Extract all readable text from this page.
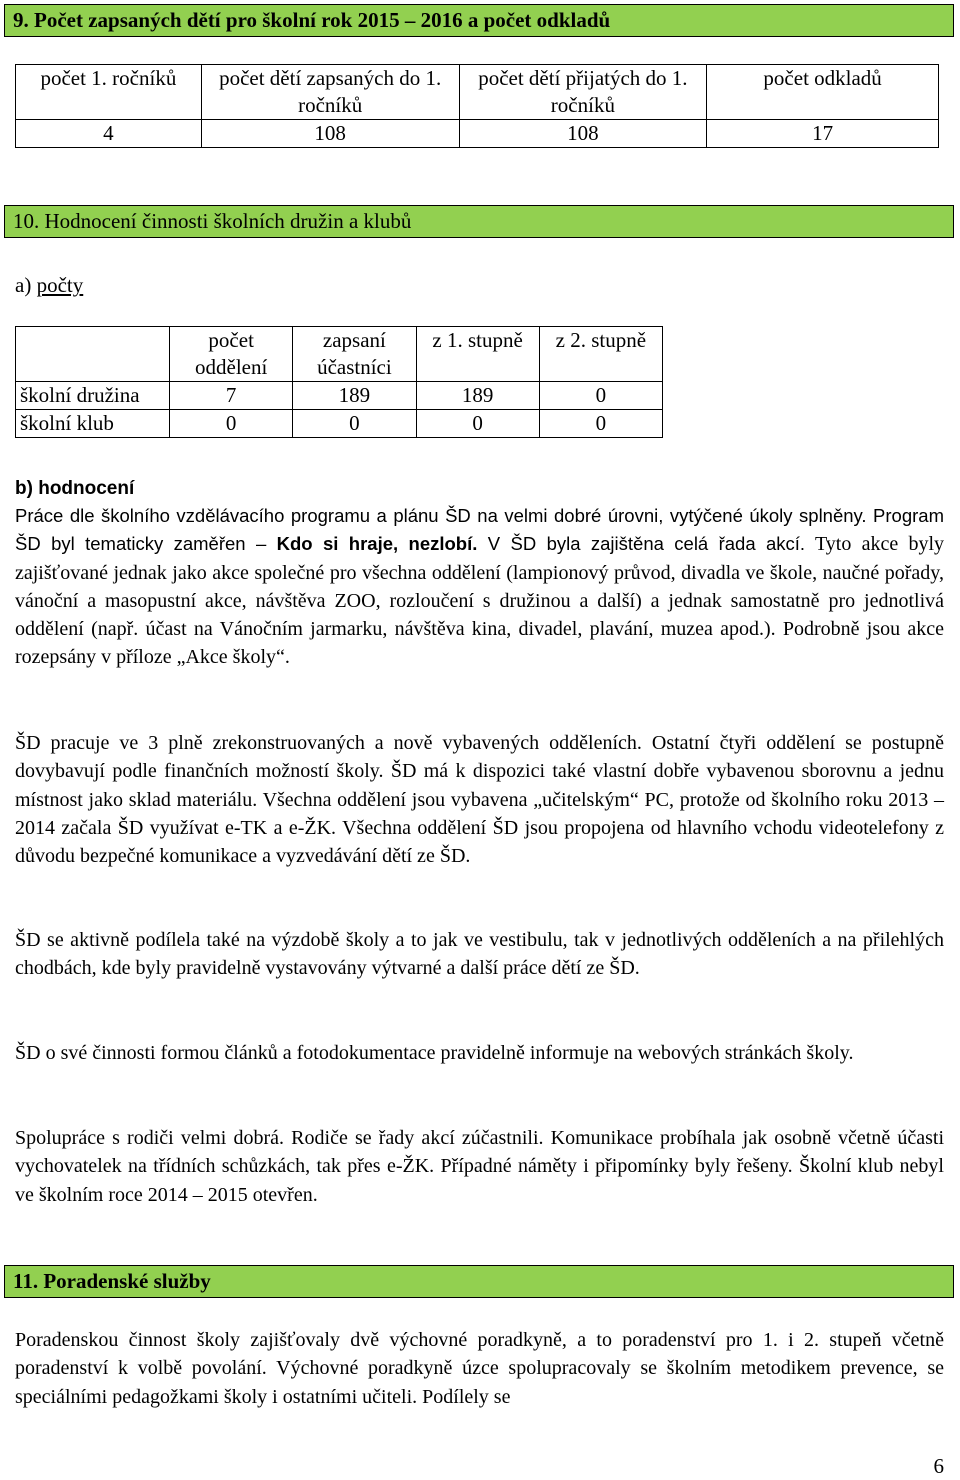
9. Počet zapsaných dětí pro školní rok 2015 – 2016 a počet odkladů
počet 1. ročníků	počet dětí zapsaných do 1. ročníků	počet dětí přijatých do 1. ročníků	počet odkladů
4	108	108	17
10. Hodnocení činnosti školních družin a klubů
a) počty
	počet oddělení	zapsaní účastníci	z 1. stupně	z 2. stupně
školní družina	7	189	189	0
školní klub	0	0	0	0
b) hodnocení
Práce dle školního vzdělávacího programu a plánu ŠD na velmi dobré úrovni, vytýčené úkoly splněny. Program ŠD byl tematicky zaměřen – Kdo si hraje, nezlobí. V ŠD byla zajištěna celá řada akcí. Tyto akce byly zajišťované jednak jako akce společné pro všechna oddělení (lampionový průvod, divadla ve škole, naučné pořady, vánoční a masopustní akce, návštěva ZOO, rozloučení s družinou a další) a jednak samostatně pro jednotlivá oddělení (např. účast na Vánočním jarmarku, návštěva kina, divadel, plavání, muzea apod.). Podrobně jsou akce rozepsány v příloze „Akce školy“.
ŠD pracuje ve 3 plně zrekonstruovaných a nově vybavených odděleních. Ostatní čtyři oddělení se postupně dovybavují podle finančních možností školy. ŠD má k dispozici také vlastní dobře vybavenou sborovnu a jednu místnost jako sklad materiálu. Všechna oddělení jsou vybavena „učitelským“ PC, protože od školního roku 2013 – 2014 začala ŠD využívat e-TK a e-ŽK. Všechna oddělení ŠD jsou propojena od hlavního vchodu videotelefony z důvodu bezpečné komunikace a vyzvedávání dětí ze ŠD.
ŠD se aktivně podílela také na výzdobě školy a to jak ve vestibulu, tak v jednotlivých odděleních a na přilehlých chodbách, kde byly pravidelně vystavovány výtvarné a další práce dětí ze ŠD.
ŠD o své činnosti formou článků a fotodokumentace pravidelně informuje na webových stránkách školy.
Spolupráce s rodiči velmi dobrá. Rodiče se řady akcí zúčastnili. Komunikace probíhala jak osobně včetně účasti vychovatelek na třídních schůzkách, tak přes e-ŽK. Případné náměty i připomínky byly řešeny. Školní klub nebyl ve školním roce 2014 – 2015 otevřen.
11. Poradenské služby
Poradenskou činnost školy zajišťovaly dvě výchovné poradkyně, a to poradenství pro 1. i 2. stupeň včetně poradenství k volbě povolání. Výchovné poradkyně úzce spolupracovaly se školním metodikem prevence, se speciálními pedagožkami školy i ostatními učiteli. Podílely se
6
